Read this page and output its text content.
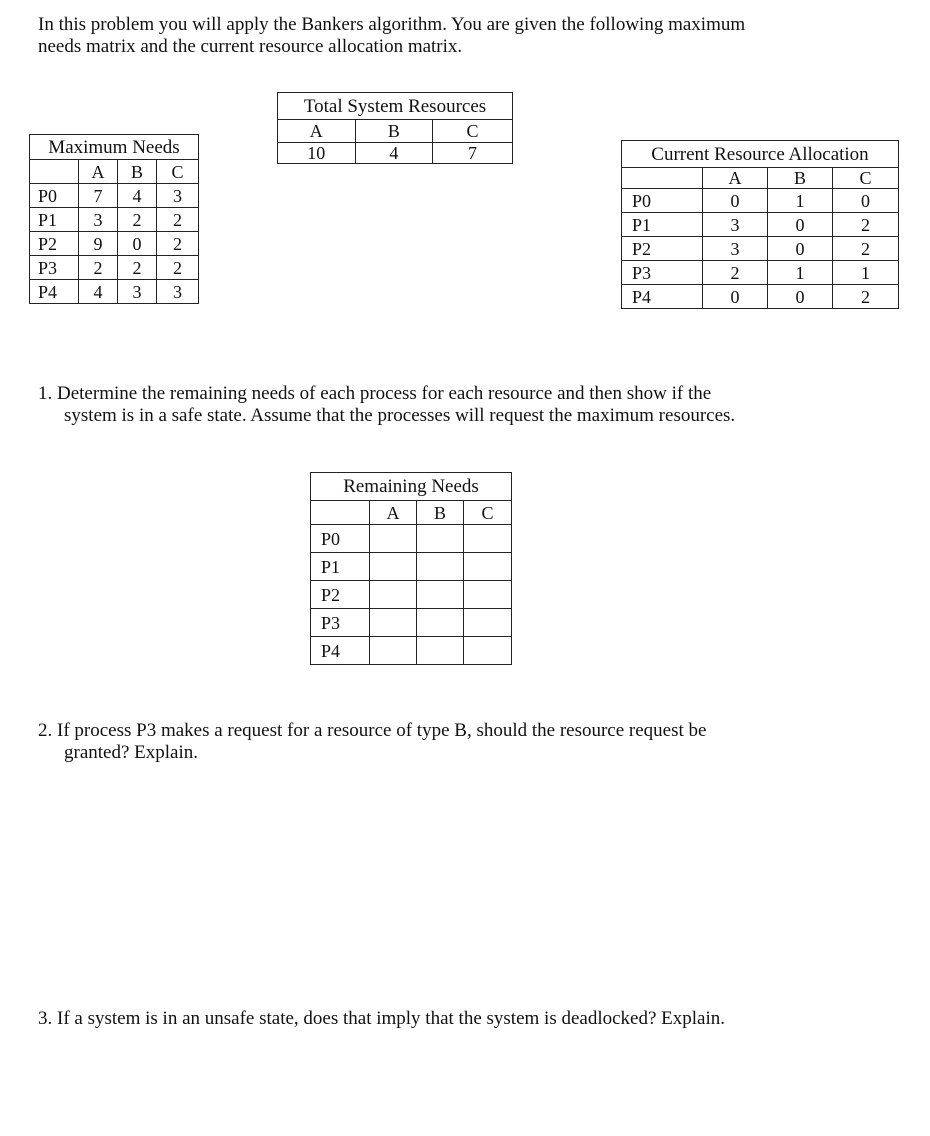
In this problem you will apply the Bankers algorithm. You are given the following maximum
needs matrix and the current resource allocation matrix.

Total System Resources		
A	B	C
10	4	7
Maximum Needs			
	A	B	C
P0	7	4	3
P1	3	2	2
P2	9	0	2
P3	2	2	2
P4	4	3	3
Current Resource Allocation			
	A	B	C
P0	0	1	0
P1	3	0	2
P2	3	0	2
P3	2	1	1
P4	0	0	2

1. Determine the remaining needs of each process for each resource and then show if the

system is in a safe state. Assume that the processes will request the maximum resources.

Remaining Needs			
	A	B	C
P0			
P1			
P2			
P3			
P4			

2. If process P3 makes a request for a resource of type B, should the resource request be

granted? Explain.

3. If a system is in an unsafe state, does that imply that the system is deadlocked? Explain.
